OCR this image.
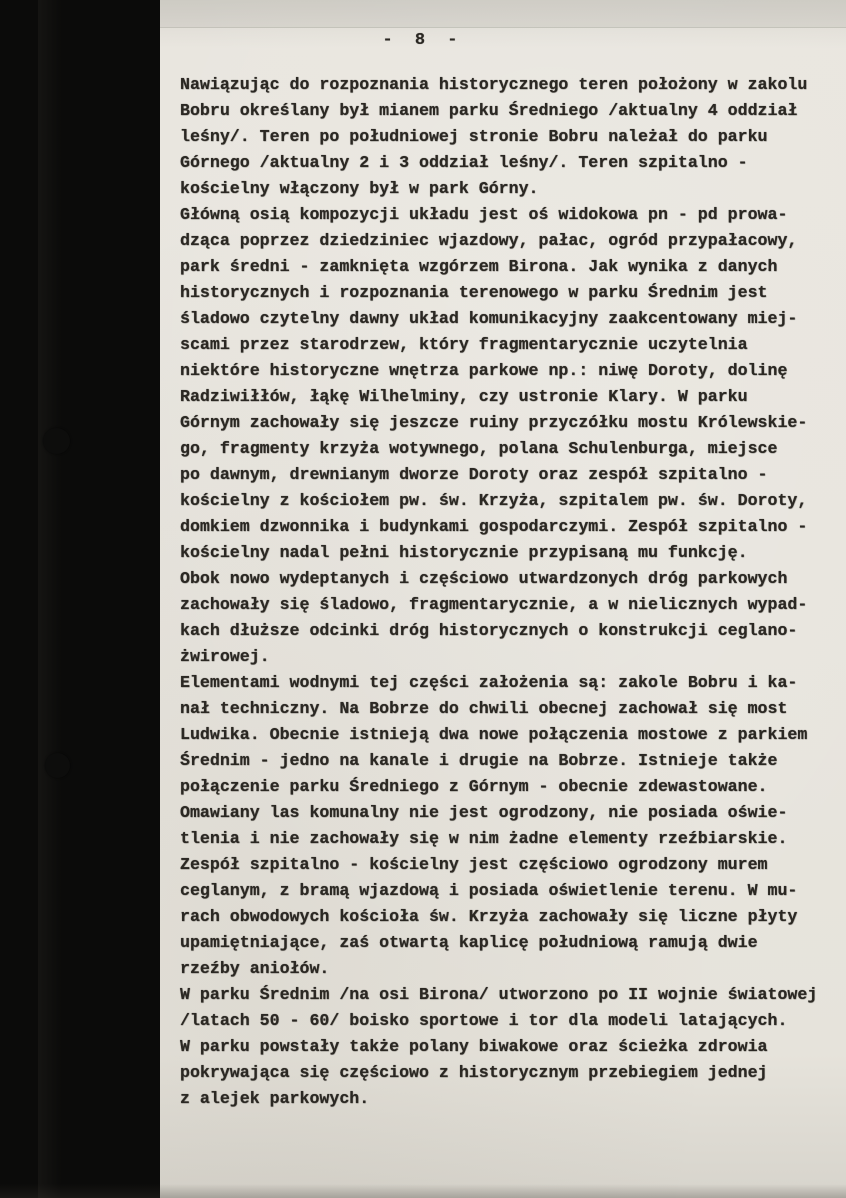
- 8 -
Nawiązując do rozpoznania historycznego teren położony w zakolu
Bobru określany był mianem parku Średniego /aktualny 4 oddział
leśny/. Teren po południowej stronie Bobru należał do parku
Górnego /aktualny 2 i 3 oddział leśny/. Teren szpitalno -
kościelny włączony był w park Górny.
Główną osią kompozycji układu jest oś widokowa pn - pd prowa-
dząca poprzez dziedziniec wjazdowy, pałac, ogród przypałacowy,
park średni - zamknięta wzgórzem Birona. Jak wynika z danych
historycznych i rozpoznania terenowego w parku Średnim jest
śladowo czytelny dawny układ komunikacyjny zaakcentowany miej-
scami przez starodrzew, który fragmentarycznie uczytelnia
niektóre historyczne wnętrza parkowe np.: niwę Doroty, dolinę
Radziwiłłów, łąkę Wilhelminy, czy ustronie Klary. W parku
Górnym zachowały się jeszcze ruiny przyczółku mostu Królewskie-
go, fragmenty krzyża wotywnego, polana Schulenburga, miejsce
po dawnym, drewnianym dworze Doroty oraz zespół szpitalno -
kościelny z kościołem pw. św. Krzyża, szpitalem pw. św. Doroty,
domkiem dzwonnika i budynkami gospodarczymi. Zespół szpitalno -
kościelny nadal pełni historycznie przypisaną mu funkcję.
Obok nowo wydeptanych i częściowo utwardzonych dróg parkowych
zachowały się śladowo, fragmentarycznie, a w nielicznych wypad-
kach dłuższe odcinki dróg historycznych o konstrukcji ceglano-
żwirowej.
Elementami wodnymi tej części założenia są: zakole Bobru i ka-
nał techniczny. Na Bobrze do chwili obecnej zachował się most
Ludwika. Obecnie istnieją dwa nowe połączenia mostowe z parkiem
Średnim - jedno na kanale i drugie na Bobrze. Istnieje także
połączenie parku Średniego z Górnym - obecnie zdewastowane.
Omawiany las komunalny nie jest ogrodzony, nie posiada oświe-
tlenia i nie zachowały się w nim żadne elementy rzeźbiarskie.
Zespół szpitalno - kościelny jest częściowo ogrodzony murem
ceglanym, z bramą wjazdową i posiada oświetlenie terenu. W mu-
rach obwodowych kościoła św. Krzyża zachowały się liczne płyty
upamiętniające, zaś otwartą kaplicę południową ramują dwie
rzeźby aniołów.
W parku Średnim /na osi Birona/ utworzono po II wojnie światowej
/latach 50 - 60/ boisko sportowe i tor dla modeli latających.
W parku powstały także polany biwakowe oraz ścieżka zdrowia
pokrywająca się częściowo z historycznym przebiegiem jednej
z alejek parkowych.
